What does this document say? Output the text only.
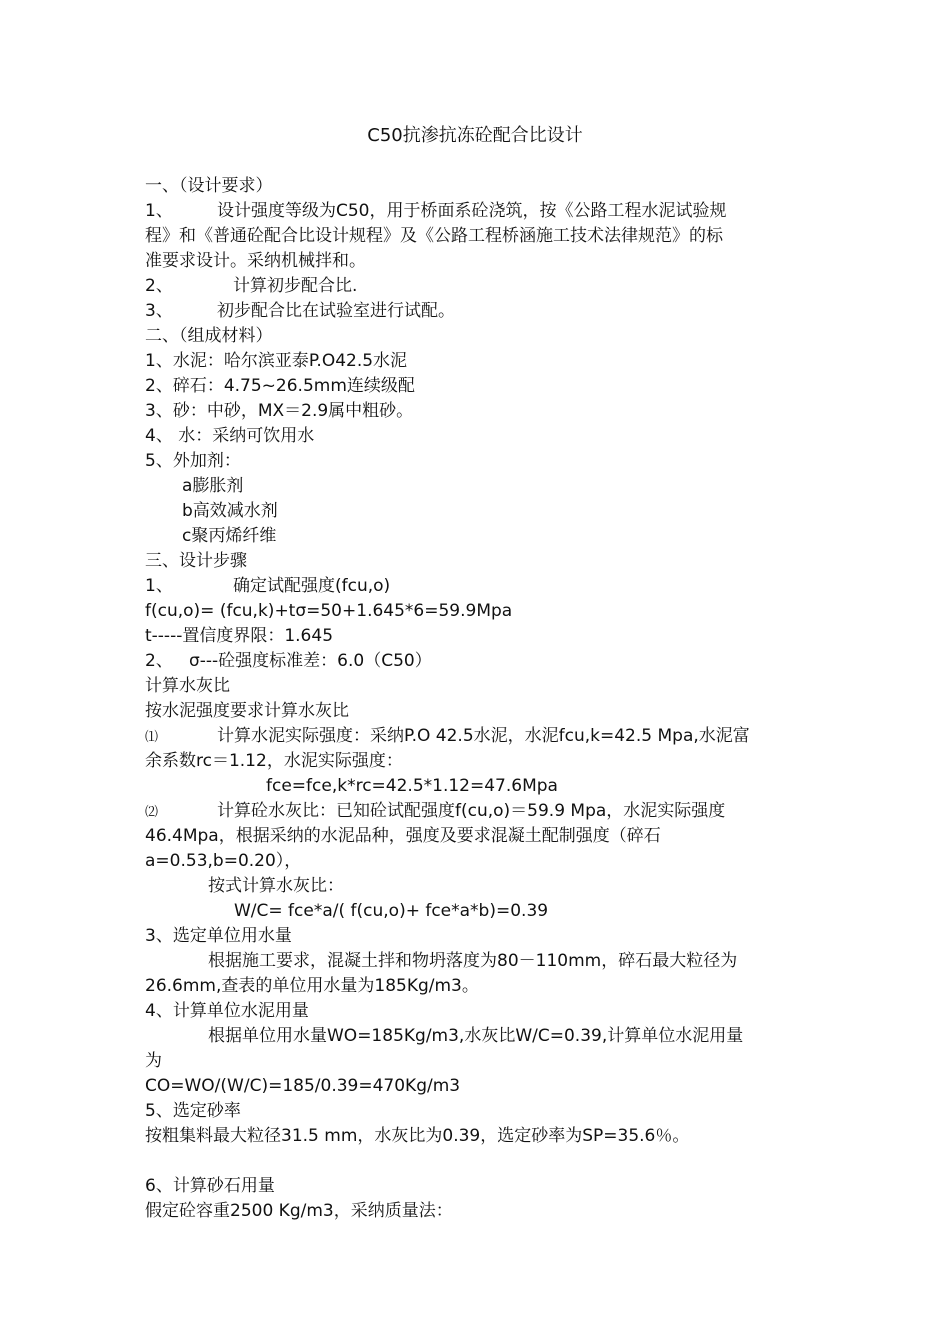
C50抗渗抗冻砼配合比设计
一、（设计要求）
1、	设计强度等级为C50，用于桥面系砼浇筑，按《公路工程水泥试验规
程》和《普通砼配合比设计规程》及《公路工程桥涵施工技术法律规范》的标
准要求设计。采纳机械拌和。
2、	计算初步配合比.
3、	初步配合比在试验室进行试配。
二、（组成材料）
1、水泥：哈尔滨亚泰P.O42.5水泥
2、碎石：4.75~26.5mm连续级配
3、砂：中砂，MX＝2.9属中粗砂。
4、 水：采纳可饮用水
5、外加剂：
a膨胀剂
b高效减水剂
c聚丙烯纤维
三、设计步骤
1、	确定试配强度(fcu,o)
f(cu,o)= (fcu,k)+tσ=50+1.645*6=59.9Mpa
t-----置信度界限：1.645
2、 σ---砼强度标准差：6.0（C50）
计算水灰比
按水泥强度要求计算水灰比
⑴	计算水泥实际强度：采纳P.O 42.5水泥，水泥fcu,k=42.5 Mpa,水泥富
余系数rc＝1.12，水泥实际强度：
fce=fce,k*rc=42.5*1.12=47.6Mpa
⑵	计算砼水灰比：已知砼试配强度f(cu,o)＝59.9 Mpa，水泥实际强度
46.4Mpa，根据采纳的水泥品种，强度及要求混凝土配制强度（碎石
a=0.53,b=0.20），
按式计算水灰比：
W/C= fce*a/( f(cu,o)+ fce*a*b)=0.39
3、选定单位用水量
根据施工要求，混凝土拌和物坍落度为80－110mm，碎石最大粒径为
26.6mm,查表的单位用水量为185Kg/m3。
4、计算单位水泥用量
根据单位用水量WO=185Kg/m3,水灰比W/C=0.39,计算单位水泥用量
为
CO=WO/(W/C)=185/0.39=470Kg/m3
5、选定砂率
按粗集料最大粒径31.5 mm，水灰比为0.39，选定砂率为SP=35.6％。
6、计算砂石用量
假定砼容重2500 Kg/m3，采纳质量法：
